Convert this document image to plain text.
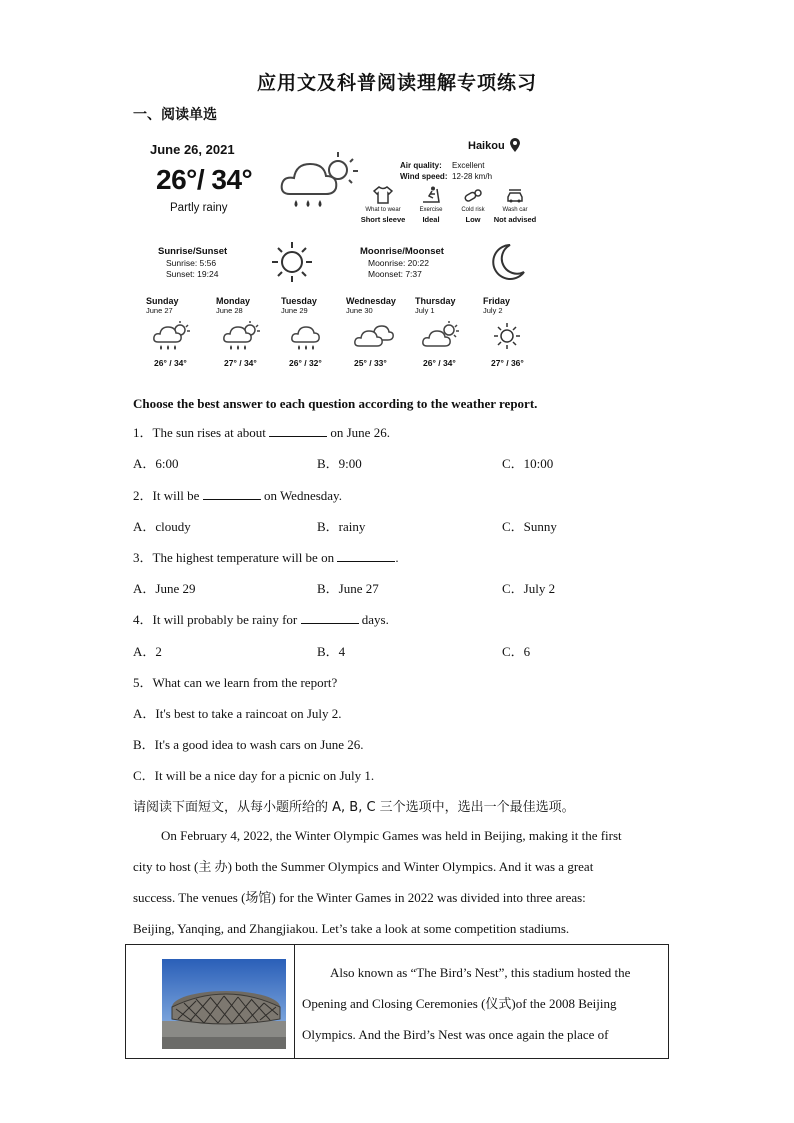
应用文及科普阅读理解专项练习
一、阅读单选
June 26, 2021
26°/ 34°
Partly rainy
Haikou
Air quality: Excellent
Wind speed: 12-28 km/h
What to wear
Short sleeve
Exercise
Ideal
Cold risk
Low
Wash car
Not advised
Sunrise/Sunset
Sunrise: 5:56
Sunset: 19:24
Moonrise/Moonset
Moonrise: 20:22
Moonset: 7:37
Sunday
June 27
26° / 34°
Monday
June 28
27° / 34°
Tuesday
June 29
26° / 32°
Wednesday
June 30
25° / 33°
Thursday
July 1
26° / 34°
Friday
July 2
27° / 36°
Choose the best answer to each question according to the weather report.
1．The sun rises at about	on June 26.
A．6:00	B．9:00	C．10:00
2．It will be	on Wednesday.
A．cloudy	B．rainy	C．Sunny
3．The highest temperature will be on	.
A．June 29	B．June 27	C．July 2
4．It will probably be rainy for	days.
A．2	B．4	C．6
5．What can we learn from the report?
A．It's best to take a raincoat on July 2.
B．It's a good idea to wash cars on June 26.
C．It will be a nice day for a picnic on July 1.
请阅读下面短文，从每小题所给的 A, B, C 三个选项中，选出一个最佳选项。
On February 4, 2022, the Winter Olympic Games was held in Beijing, making it the first
city to host (主 办) both the Summer Olympics and Winter Olympics. And it was a great
success. The venues (场馆) for the Winter Games in 2022 was divided into three areas:
Beijing, Yanqing, and Zhangjiakou. Let’s take a look at some competition stadiums.
Also known as “The Bird’s Nest”, this stadium hosted the
Opening and Closing Ceremonies (仪式)of the 2008 Beijing
Olympics. And the Bird’s Nest was once again the place of
